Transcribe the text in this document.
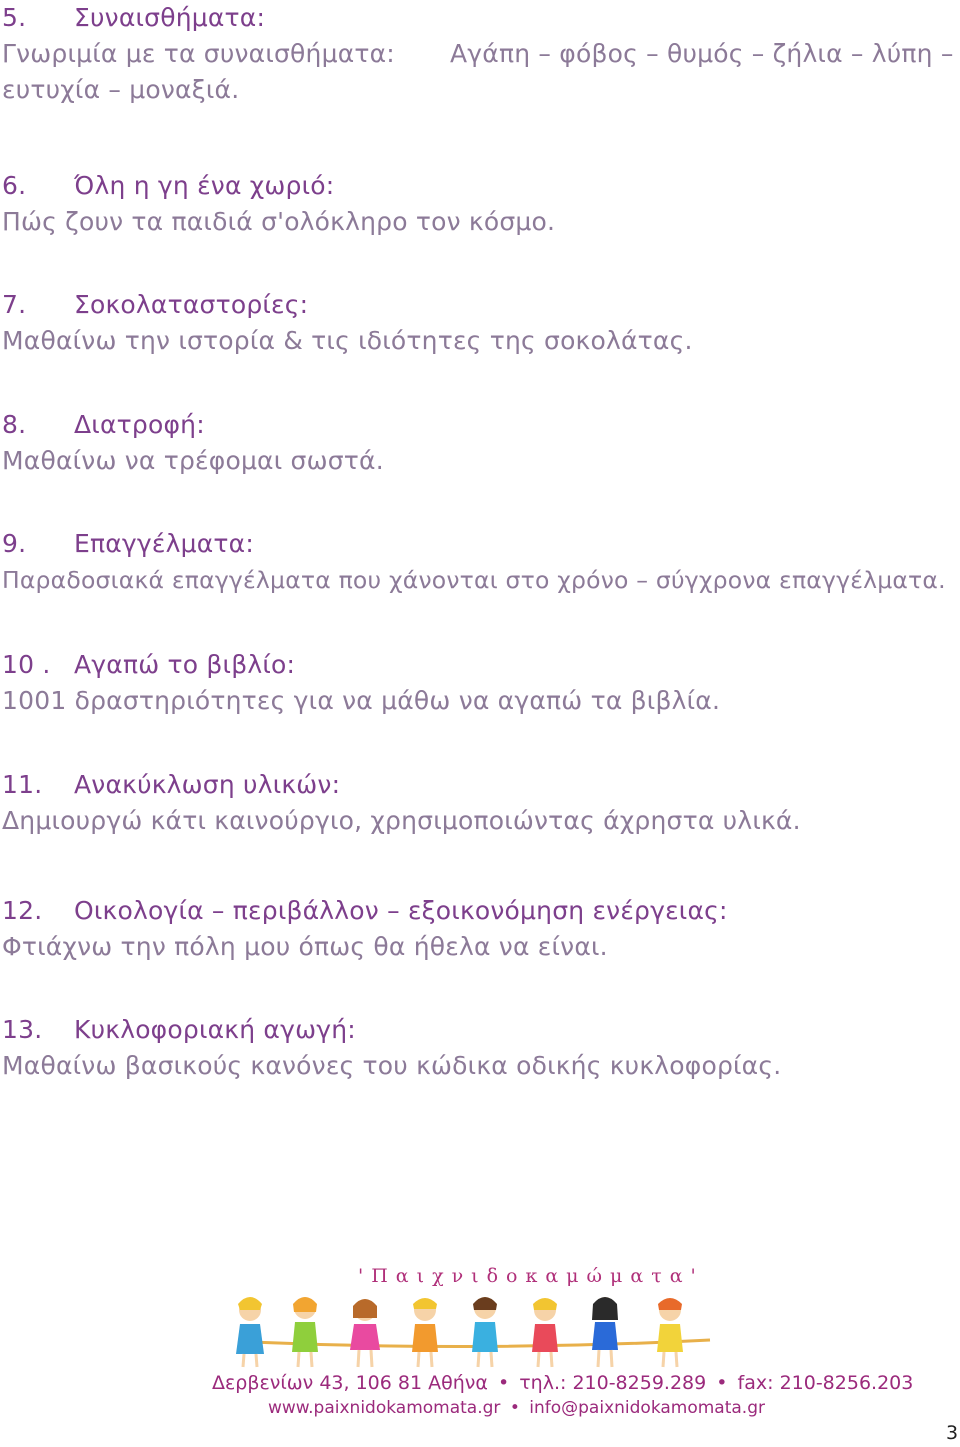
5. Συναισθήματα:
Γνωριμία με τα συναισθήματα:	Αγάπη – φόβος – θυμός – ζήλια – λύπη –
ευτυχία – μοναξιά.
6. Όλη η γη ένα χωριό:
Πώς ζουν τα παιδιά σ'ολόκληρο τον κόσμο.
7. Σοκολαταστορίες:
Μαθαίνω την ιστορία & τις ιδιότητες της σοκολάτας.
8. Διατροφή:
Μαθαίνω να τρέφομαι σωστά.
9. Επαγγέλματα:
Παραδοσιακά επαγγέλματα που χάνονται στο χρόνο – σύγχρονα επαγγέλματα.
10 . Αγαπώ το βιβλίο:
1001 δραστηριότητες για να μάθω να αγαπώ τα βιβλία.
11. Ανακύκλωση υλικών:
Δημιουργώ κάτι καινούργιο, χρησιμοποιώντας άχρηστα υλικά.
12. Οικολογία – περιβάλλον – εξοικονόμηση ενέργειας:
Φτιάχνω την πόλη μου όπως θα ήθελα να είναι.
13. Κυκλοφοριακή αγωγή:
Μαθαίνω βασικούς κανόνες του κώδικα οδικής κυκλοφορίας.
'Παιχνιδοκαμώματα'
Δερβενίων 43, 106 81 Αθήνα • τηλ.: 210-8259.289 • fax: 210-8256.203
www.paixnidokamomata.gr • info@paixnidokamomata.gr
3
